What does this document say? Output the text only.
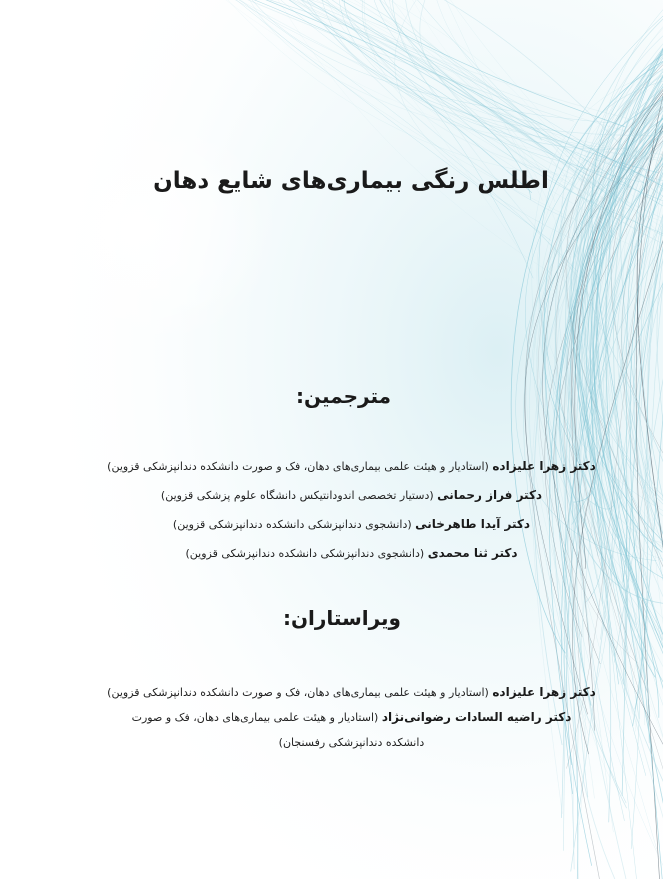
اطلس رنگی بیماری‌های شایع دهان
مترجمین:
دکتر زهرا علیزاده (استادیار و هیئت علمی بیماری‌های دهان، فک و صورت دانشکده دندانپزشکی قزوین)
دکتر فراز رحمانی (دستیار تخصصی اندودانتیکس دانشگاه علوم پزشکی قزوین)
دکتر آیدا طاهرخانی (دانشجوی دندانپزشکی دانشکده دندانپزشکی قزوین)
دکتر ثنا محمدی (دانشجوی دندانپزشکی دانشکده دندانپزشکی قزوین)
ویراستاران:
دکتر زهرا علیزاده (استادیار و هیئت علمی بیماری‌های دهان، فک و صورت دانشکده دندانپزشکی قزوین)
دکتر راضیه السادات رضوانی‌نژاد (استادیار و هیئت علمی بیماری‌های دهان، فک و صورت
دانشکده دندانپزشکی رفسنجان)
